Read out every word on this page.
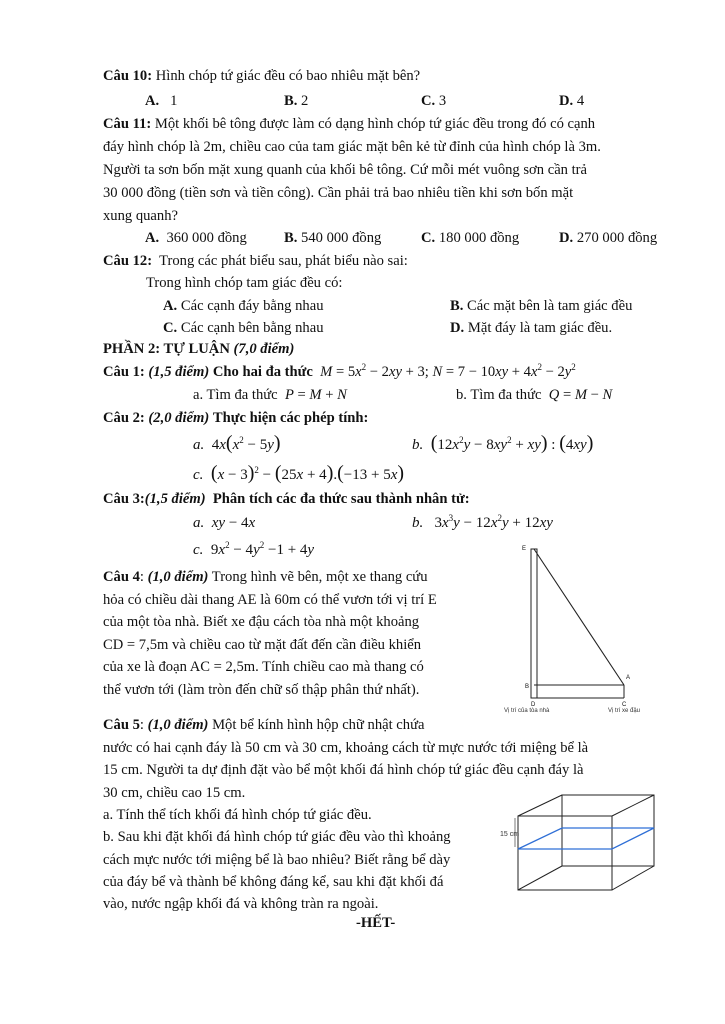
Câu 10: Hình chóp tứ giác đều có bao nhiêu mặt bên?
A. 1	B. 2	C. 3	D. 4
Câu 11: Một khối bê tông được làm có dạng hình chóp tứ giác đều trong đó có cạnh
đáy hình chóp là 2m, chiều cao của tam giác mặt bên kẻ từ đỉnh của hình chóp là 3m.
Người ta sơn bốn mặt xung quanh của khối bê tông. Cứ mỗi mét vuông sơn cần trả
30 000 đồng (tiền sơn và tiền công). Cần phải trả bao nhiêu tiền khi sơn bốn mặt
xung quanh?
A. 360 000 đồng	B. 540 000 đồng	C. 180 000 đồng	D. 270 000 đồng
Câu 12: Trong các phát biểu sau, phát biểu nào sai:
Trong hình chóp tam giác đều có:
A. Các cạnh đáy bằng nhau	B. Các mặt bên là tam giác đều
C. Các cạnh bên bằng nhau	D. Mặt đáy là tam giác đều.
PHẦN 2: TỰ LUẬN (7,0 điểm)
Câu 1: (1,5 điểm) Cho hai đa thức $M = 5x^2 - 2xy + 3$; $N = 7 - 10xy + 4x^2 - 2y^2$
a. Tìm đa thức P = M + N	b. Tìm đa thức Q = M − N
Câu 2: (2,0 điểm) Thực hiện các phép tính:
a.  $4x(x^2 - 5y)$	b. $(12x^2y - 8xy^2 + xy)$ : (4xy)
c. $(x - 3)^2 - (25x + 4).(-13 + 5x)$
Câu 3:(1,5 điểm) Phân tích các đa thức sau thành nhân tử:
a. xy − 4x	b.   $3x^3y - 12x^2y + 12xy$
c.  $9x^2 - 4y^2 -1 + 4y$
Câu 4: (1,0 điểm) Trong hình vẽ bên, một xe thang cứu
hỏa có chiều dài thang AE là 60m có thể vươn tới vị trí E
của một tòa nhà. Biết xe đậu cách tòa nhà một khoảng
CD = 7,5m và chiều cao từ mặt đất đến cần điều khiển
của xe là đoạn AC = 2,5m. Tính chiều cao mà thang có
thể vươn tới (làm tròn đến chữ số thập phân thứ nhất).
E
B
A
D	C
Vị trí của tòa nhà	Vị trí xe đậu
Câu 5: (1,0 điểm) Một bể kính hình hộp chữ nhật chứa
nước có hai cạnh đáy là 50 cm và 30 cm, khoảng cách từ mực nước tới miệng bể là
15 cm. Người ta dự định đặt vào bể một khối đá hình chóp tứ giác đều cạnh đáy là
30 cm, chiều cao 15 cm.
a. Tính thể tích khối đá hình chóp tứ giác đều.
b. Sau khi đặt khối đá hình chóp tứ giác đều vào thì khoảng
cách mực nước tới miệng bể là bao nhiêu? Biết rằng bể dày
của đáy bể và thành bể không đáng kể, sau khi đặt khối đá
vào, nước ngập khối đá và không tràn ra ngoài.
15 cm
-HẾT-
